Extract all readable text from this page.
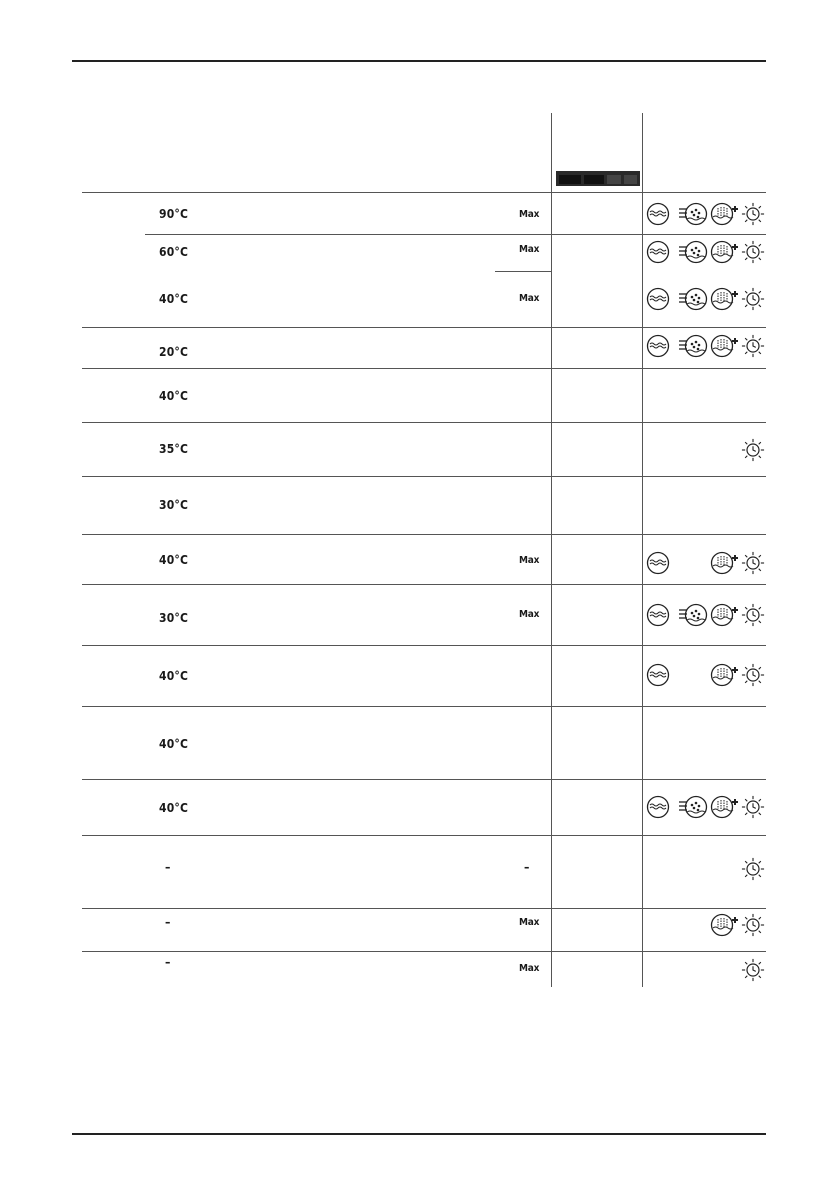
90°C
60°C
40°C
20°C
40°C
35°C
30°C
40°C
30°C
40°C
40°C
40°C
–
–
–
Max
Max
Max
Max
Max
–
Max
Max
